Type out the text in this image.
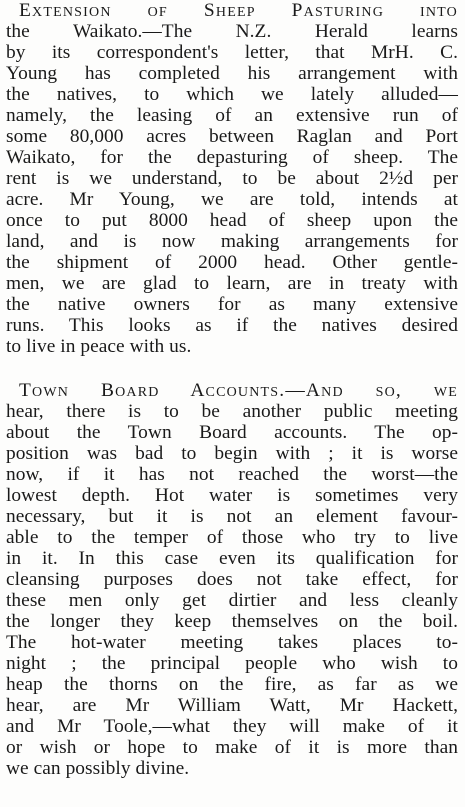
Extension of Sheep Pasturing into
the Waikato.—The N.Z. Herald learns
by its correspondent's letter, that MrH. C.
Young has completed his arrangement with
the natives, to which we lately alluded—
namely, the leasing of an extensive run of
some 80,000 acres between Raglan and Port
Waikato, for the depasturing of sheep. The
rent is we understand, to be about 2½d per
acre. Mr Young, we are told, intends at
once to put 8000 head of sheep upon the
land, and is now making arrangements for
the shipment of 2000 head. Other gentle-
men, we are glad to learn, are in treaty with
the native owners for as many extensive
runs. This looks as if the natives desired
to live in peace with us.
Town Board Accounts.—And so, we
hear, there is to be another public meeting
about the Town Board accounts. The op-
position was bad to begin with ; it is worse
now, if it has not reached the worst—the
lowest depth. Hot water is sometimes very
necessary, but it is not an element favour-
able to the temper of those who try to live
in it. In this case even its qualification for
cleansing purposes does not take effect, for
these men only get dirtier and less cleanly
the longer they keep themselves on the boil.
The hot-water meeting takes places to-
night ; the principal people who wish to
heap the thorns on the fire, as far as we
hear, are Mr William Watt, Mr Hackett,
and Mr Toole,—what they will make of it
or wish or hope to make of it is more than
we can possibly divine.
